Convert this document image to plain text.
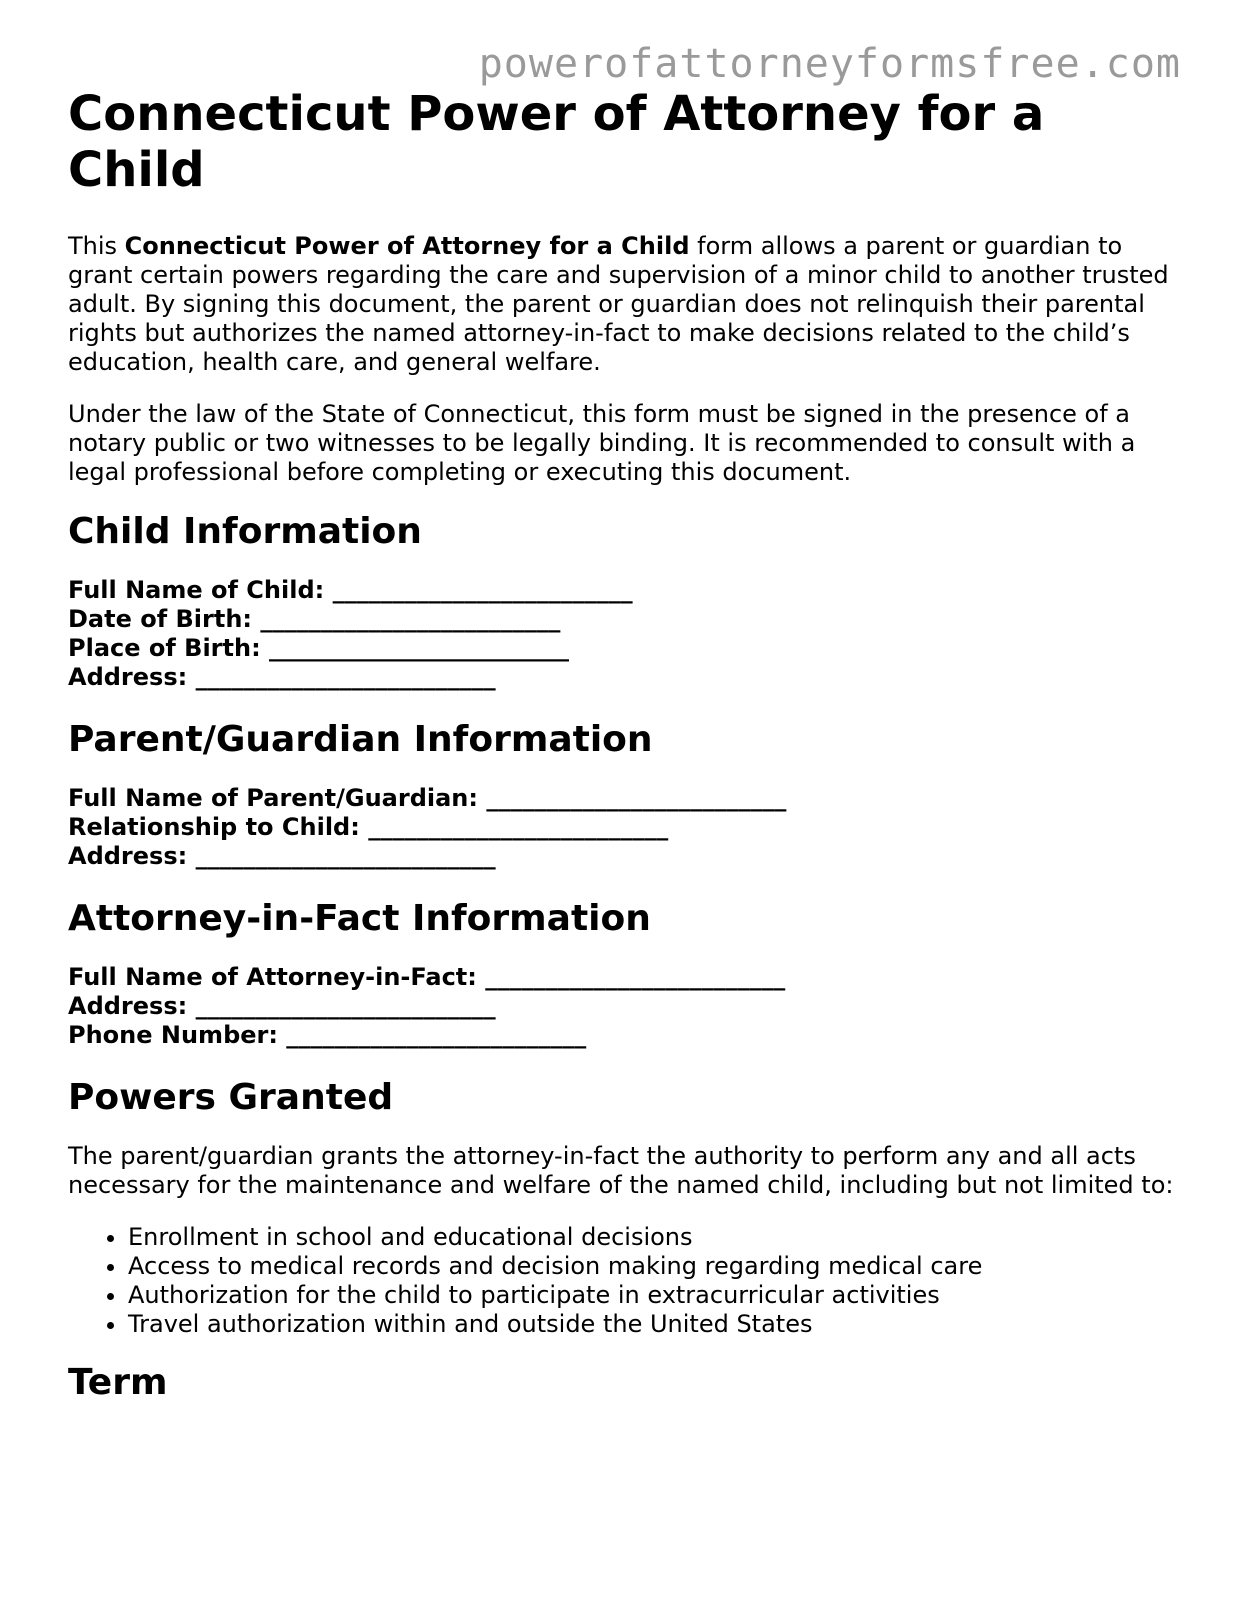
powerofattorneyformsfree.com
Connecticut Power of Attorney for a Child

This Connecticut Power of Attorney for a Child form allows a parent or guardian to grant certain powers regarding the care and supervision of a minor child to another trusted adult. By signing this document, the parent or guardian does not relinquish their parental rights but authorizes the named attorney-in-fact to make decisions related to the child’s education, health care, and general welfare.

Under the law of the State of Connecticut, this form must be signed in the presence of a notary public or two witnesses to be legally binding. It is recommended to consult with a legal professional before completing or executing this document.

Child Information
Full Name of Child: _________________________
Date of Birth: _________________________
Place of Birth: _________________________
Address: _________________________
Parent/Guardian Information
Full Name of Parent/Guardian: _________________________
Relationship to Child: _________________________
Address: _________________________
Attorney-in-Fact Information
Full Name of Attorney-in-Fact: _________________________
Address: _________________________
Phone Number: _________________________
Powers Granted

The parent/guardian grants the attorney-in-fact the authority to perform any and all acts necessary for the maintenance and welfare of the named child, including but not limited to:

• Enrollment in school and educational decisions
• Access to medical records and decision making regarding medical care
• Authorization for the child to participate in extracurricular activities
• Travel authorization within and outside the United States
Term
